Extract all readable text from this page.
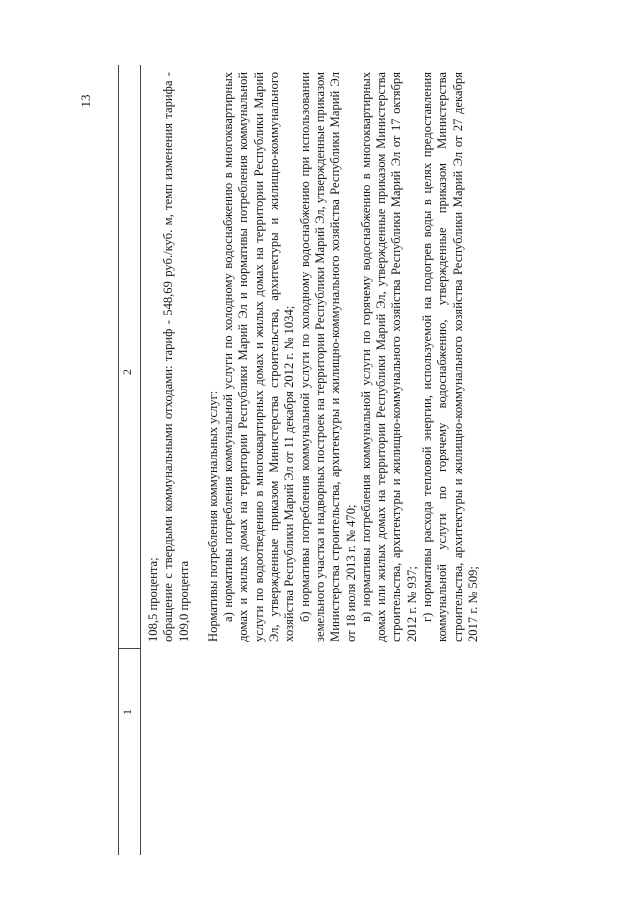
13
1
2

108,5 процента; обращение с твердыми коммунальными отходами: тариф - 548,69 руб./куб. м, темп изменения тарифа - 109,0 процента Нормативы потребления коммунальных услуг: а) нормативы потребления коммунальной услуги по холодному водоснабжению в многоквартирных домах и жилых домах на территории Республики Марий Эл и нормативы потребления коммунальной услуги по водоотведению в многоквартирных домах и жилых домах на территории Республики Марий Эл, утвержденные приказом Министерства строительства, архитектуры и жилищно-коммунального хозяйства Республики Марий Эл от 11 декабря 2012 г. № 1034; б) нормативы потребления коммунальной услуги по холодному водоснабжению при использовании земельного участка и надворных построек на территории Республики Марий Эл, утвержденные приказом Министерства строительства, архитектуры и жилищно-коммунального хозяйства Республики Марий Эл от 18 июля 2013 г. № 470; в) нормативы потребления коммунальной услуги по горячему водоснабжению в многоквартирных домах или жилых домах на территории Республики Марий Эл, утвержденные приказом Министерства строительства, архитектуры и жилищно-коммунального хозяйства Республики Марий Эл от 17 октября 2012 г. № 937; г) нормативы расхода тепловой энергии, используемой на подогрев воды в целях предоставления коммунальной услуги по горячему водоснабжению, утвержденные приказом Министерства строительства, архитектуры и жилищно-коммунального хозяйства Республики Марий Эл от 27 декабря 2017 г. № 509;
